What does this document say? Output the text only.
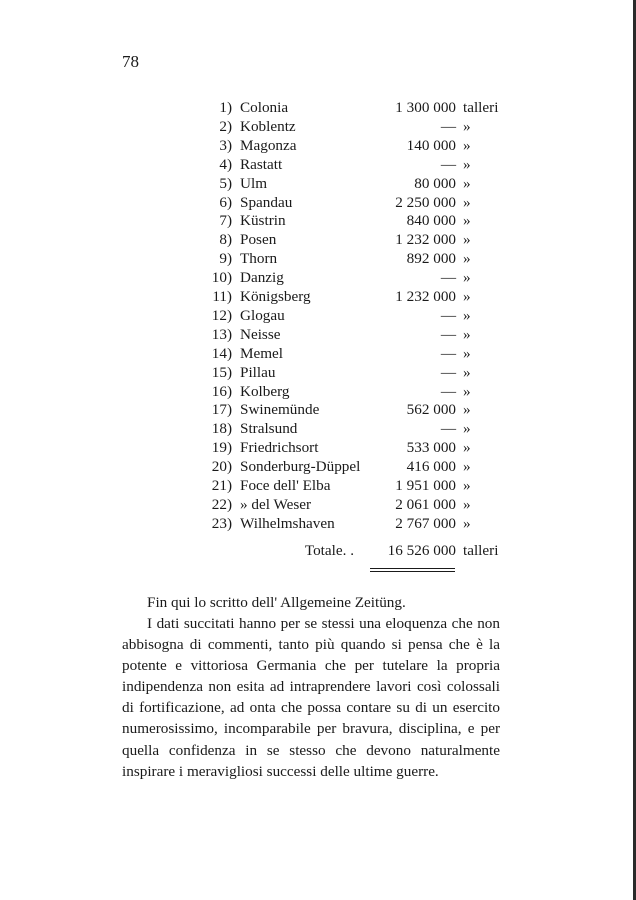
78
1) Colonia	1 300 000 talleri
2) Koblentz	— »
3) Magonza	140 000 »
4) Rastatt	— »
5) Ulm	80 000 »
6) Spandau	2 250 000 »
7) Küstrin	840 000 »
8) Posen	1 232 000 »
9) Thorn	892 000 »
10) Danzig	— »
11) Königsberg	1 232 000 »
12) Glogau	— »
13) Neisse	— »
14) Memel	— »
15) Pillau	— »
16) Kolberg	— »
17) Swinemünde	562 000 »
18) Stralsund	— »
19) Friedrichsort	533 000 »
20) Sonderburg-Düppel	416 000 »
21) Foce dell' Elba	1 951 000 »
22) » del Weser	2 061 000 »
23) Wilhelmshaven	2 767 000 »
Totale. . 16 526 000 talleri

Fin qui lo scritto dell' Allgemeine Zeitüng.

I dati succitati hanno per se stessi una eloquenza che non abbisogna di commenti, tanto più quando si pensa che è la potente e vittoriosa Germania che per tutelare la propria indipendenza non esita ad intraprendere lavori così colossali di fortificazione, ad onta che possa contare su di un esercito numerosissimo, incomparabile per bravura, disciplina, e per quella confidenza in se stesso che devono naturalmente inspirare i meravigliosi successi delle ultime guerre.
